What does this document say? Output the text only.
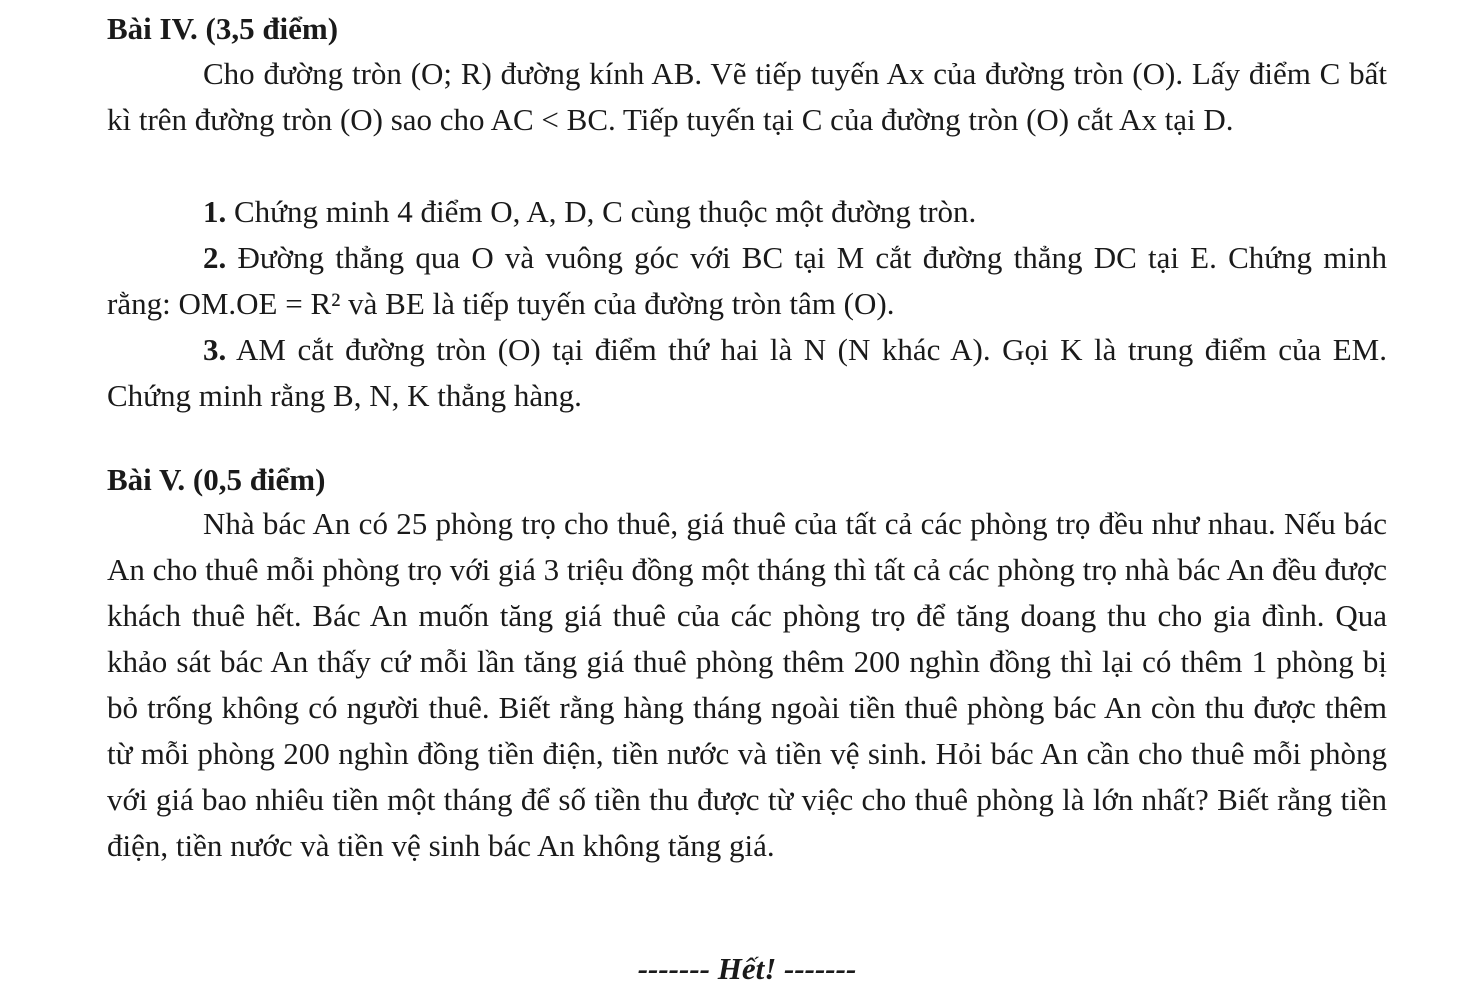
Bài IV. (3,5 điểm)

Cho đường tròn (O; R) đường kính AB. Vẽ tiếp tuyến Ax của đường tròn (O). Lấy điểm C bất kì trên đường tròn (O) sao cho AC < BC. Tiếp tuyến tại C của đường tròn (O) cắt Ax tại D.

1. Chứng minh 4 điểm O, A, D, C cùng thuộc một đường tròn.

2. Đường thẳng qua O và vuông góc với BC tại M cắt đường thẳng DC tại E. Chứng minh rằng: OM.OE = R² và BE là tiếp tuyến của đường tròn tâm (O).

3. AM cắt đường tròn (O) tại điểm thứ hai là N (N khác A). Gọi K là trung điểm của EM. Chứng minh rằng B, N, K thẳng hàng.

Bài V. (0,5 điểm)

Nhà bác An có 25 phòng trọ cho thuê, giá thuê của tất cả các phòng trọ đều như nhau. Nếu bác An cho thuê mỗi phòng trọ với giá 3 triệu đồng một tháng thì tất cả các phòng trọ nhà bác An đều được khách thuê hết. Bác An muốn tăng giá thuê của các phòng trọ để tăng doang thu cho gia đình. Qua khảo sát bác An thấy cứ mỗi lần tăng giá thuê phòng thêm 200 nghìn đồng thì lại có thêm 1 phòng bị bỏ trống không có người thuê. Biết rằng hàng tháng ngoài tiền thuê phòng bác An còn thu được thêm từ mỗi phòng 200 nghìn đồng tiền điện, tiền nước và tiền vệ sinh. Hỏi bác An cần cho thuê mỗi phòng với giá bao nhiêu tiền một tháng để số tiền thu được từ việc cho thuê phòng là lớn nhất? Biết rằng tiền điện, tiền nước và tiền vệ sinh bác An không tăng giá.

------- Hết! -------
